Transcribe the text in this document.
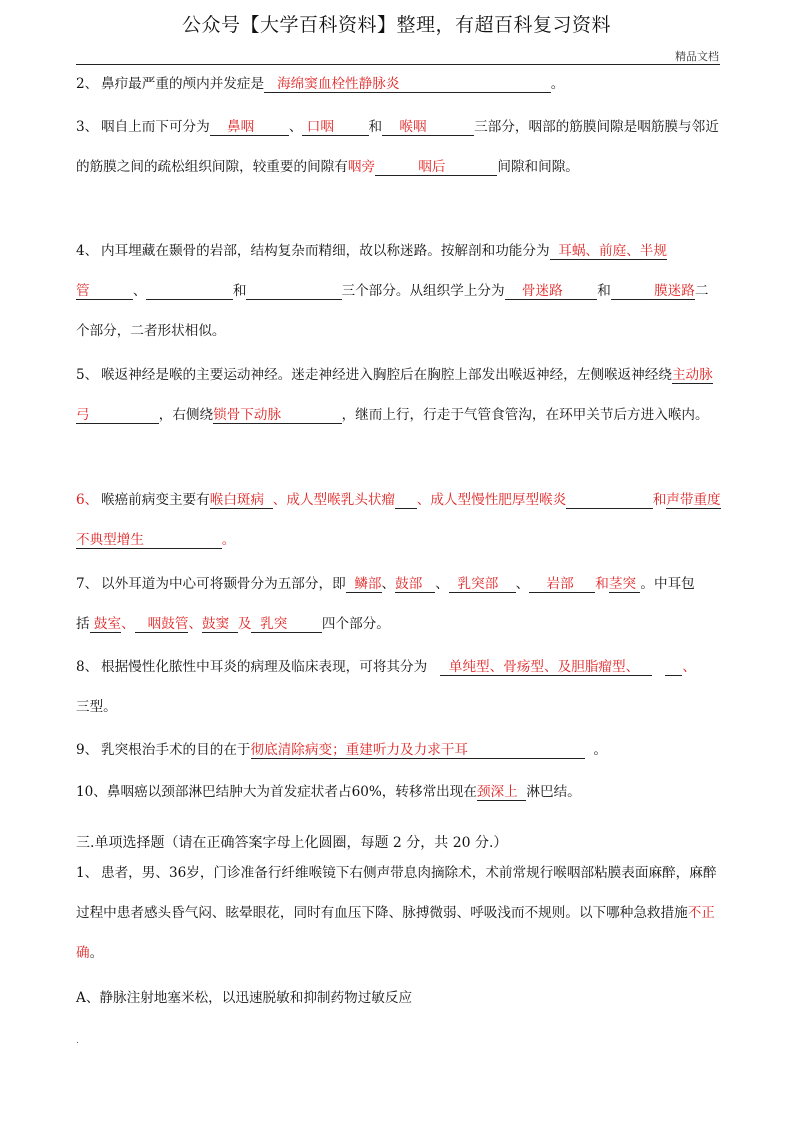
公众号【大学百科资料】整理，有超百科复习资料
精品文档
2、 鼻疖最严重的颅内并发症是 海绵窦血栓性静脉炎	。
3、 咽自上而下可分为 鼻咽	、 口咽	和 喉咽	三部分，咽部的筋膜间隙是咽筋膜与邻近的筋膜之间的疏松组织间隙，较重要的间隙有咽旁	咽后	间隙和间隙。
4、 内耳埋藏在颞骨的岩部，结构复杂而精细，故以称迷路。按解剖和功能分为 耳蜗、前庭、半规管	、	和	三个部分。从组织学上分为 骨迷路	和	膜迷路二个部分，二者形状相似。
5、 喉返神经是喉的主要运动神经。迷走神经进入胸腔后在胸腔上部发出喉返神经，左侧喉返神经绕主动脉弓	，右侧绕锁骨下动脉	，继而上行，行走于气管食管沟，在环甲关节后方进入喉内。
6、 喉癌前病变主要有喉白斑病 、成人型喉乳头状瘤 、成人型慢性肥厚型喉炎	和声带重度不典型增生	。
7、 以外耳道为中心可将颞骨分为五部分，即 鳞部、鼓部 、 乳突部 、 岩部 和茎突 。中耳包括 鼓室、 咽鼓管、鼓窦 及 乳突	四个部分。
8、 根据慢性化脓性中耳炎的病理及临床表现，可将其分为 单纯型、骨疡型、及胆脂瘤型、	、
三型。
9、 乳突根治手术的目的在于彻底清除病变；重建听力及力求干耳	。
10、鼻咽癌以颈部淋巴结肿大为首发症状者占60%，转移常出现在颈深上 淋巴结。
三.单项选择题（请在正确答案字母上化圆圈，每题 2 分，共 20 分.）
1、 患者，男、36岁，门诊准备行纤维喉镜下右侧声带息肉摘除术，术前常规行喉咽部粘膜表面麻醉，麻醉过程中患者感头昏气闷、眩晕眼花，同时有血压下降、脉搏微弱、呼吸浅而不规则。以下哪种急救措施不正确。
A、静脉注射地塞米松，以迅速脱敏和抑制药物过敏反应
.
